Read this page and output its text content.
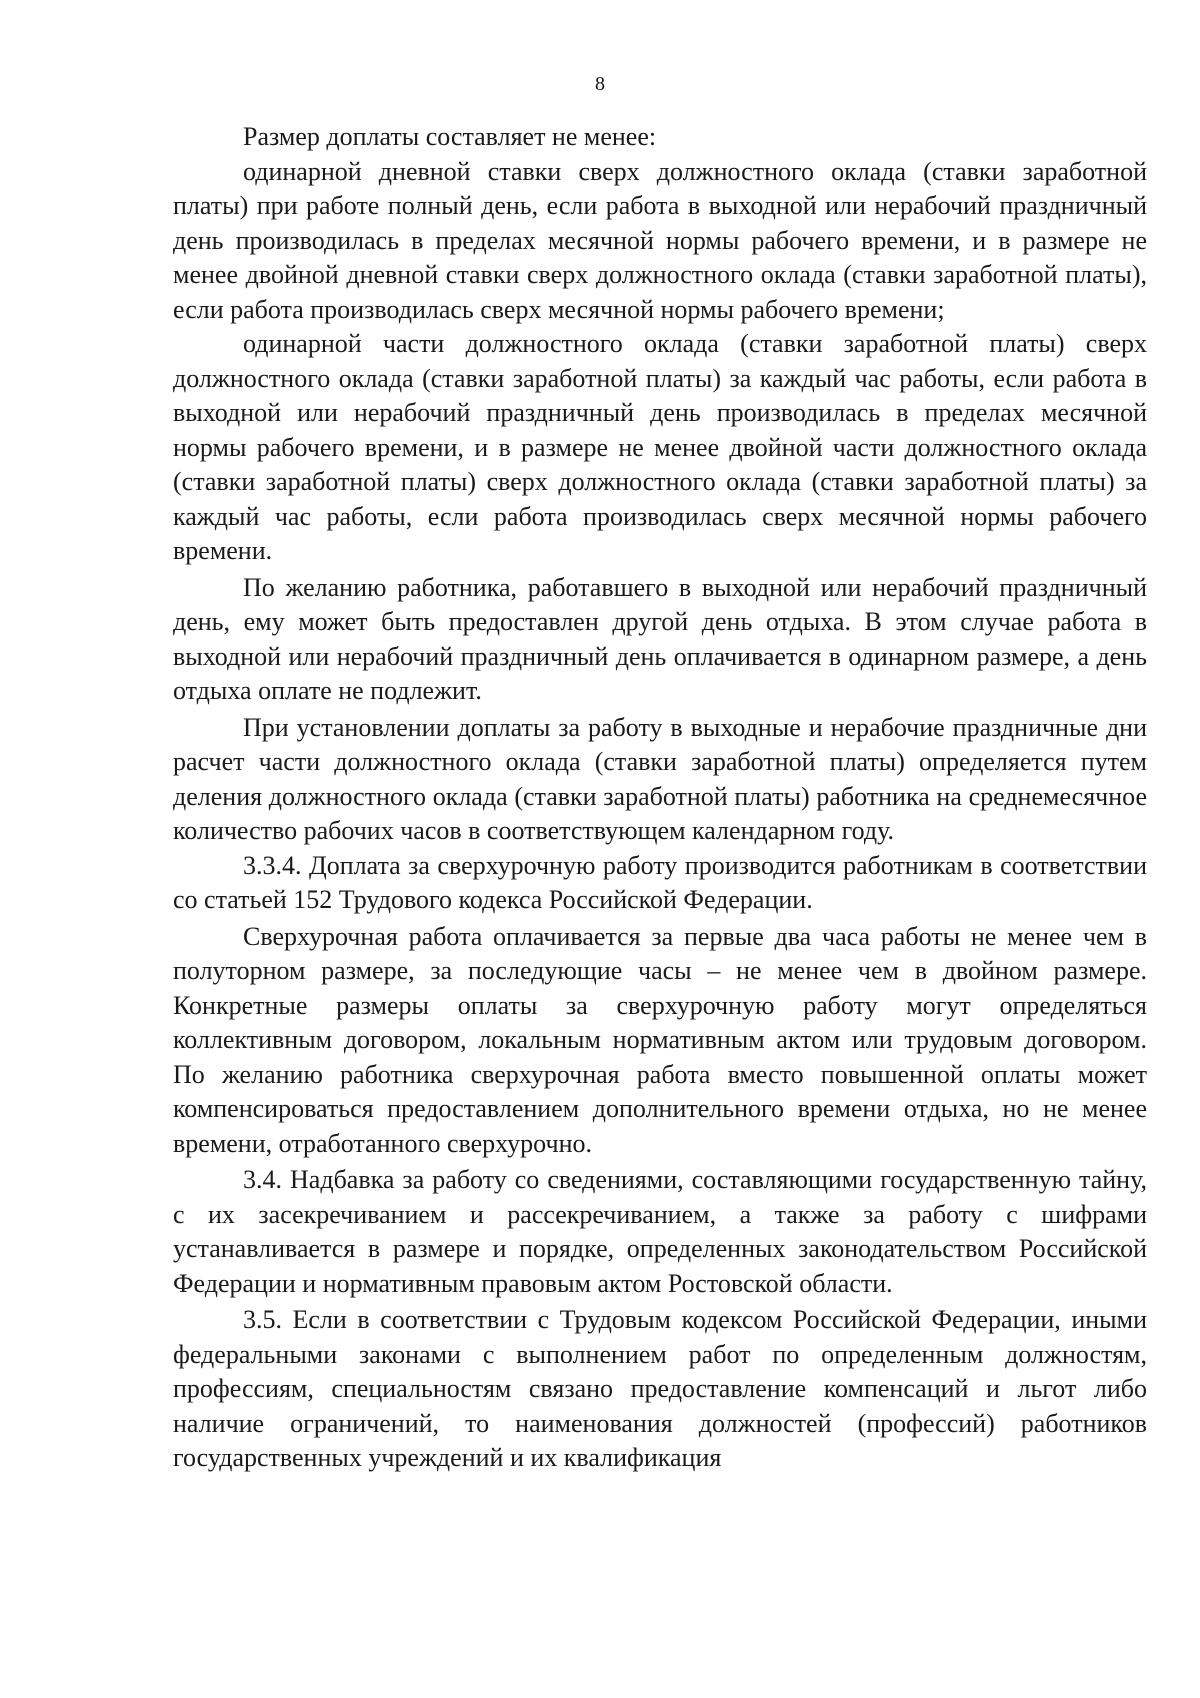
8

Размер доплаты составляет не менее:

одинарной дневной ставки сверх должностного оклада (ставки заработной платы) при работе полный день, если работа в выходной или нерабочий праздничный день производилась в пределах месячной нормы рабочего времени, и в размере не менее двойной дневной ставки сверх должностного оклада (ставки заработной платы), если работа производилась сверх месячной нормы рабочего времени;

одинарной части должностного оклада (ставки заработной платы) сверх должностного оклада (ставки заработной платы) за каждый час работы, если работа в выходной или нерабочий праздничный день производилась в пределах месячной нормы рабочего времени, и в размере не менее двойной части должностного оклада (ставки заработной платы) сверх должностного оклада (ставки заработной платы) за каждый час работы, если работа производилась сверх месячной нормы рабочего времени.

По желанию работника, работавшего в выходной или нерабочий праздничный день, ему может быть предоставлен другой день отдыха. В этом случае работа в выходной или нерабочий праздничный день оплачивается в одинарном размере, а день отдыха оплате не подлежит.

При установлении доплаты за работу в выходные и нерабочие праздничные дни расчет части должностного оклада (ставки заработной платы) определяется путем деления должностного оклада (ставки заработной платы) работника на среднемесячное количество рабочих часов в соответствующем календарном году.

3.3.4. Доплата за сверхурочную работу производится работникам в соответствии со статьей 152 Трудового кодекса Российской Федерации.

Сверхурочная работа оплачивается за первые два часа работы не менее чем в полуторном размере, за последующие часы – не менее чем в двойном размере. Конкретные размеры оплаты за сверхурочную работу могут определяться коллективным договором, локальным нормативным актом или трудовым договором. По желанию работника сверхурочная работа вместо повышенной оплаты может компенсироваться предоставлением дополнительного времени отдыха, но не менее времени, отработанного сверхурочно.

3.4. Надбавка за работу со сведениями, составляющими государственную тайну, с их засекречиванием и рассекречиванием, а также за работу с шифрами устанавливается в размере и порядке, определенных законодательством Российской Федерации и нормативным правовым актом Ростовской области.

3.5. Если в соответствии с Трудовым кодексом Российской Федерации, иными федеральными законами с выполнением работ по определенным должностям, профессиям, специальностям связано предоставление компенсаций и льгот либо наличие ограничений, то наименования должностей (профессий) работников государственных учреждений и их квалификация
